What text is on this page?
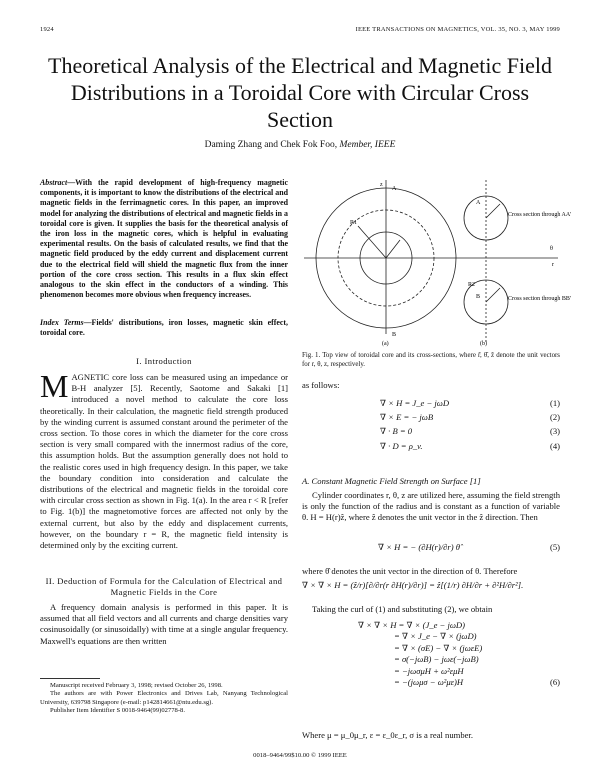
1924	IEEE TRANSACTIONS ON MAGNETICS, VOL. 35, NO. 3, MAY 1999
Theoretical Analysis of the Electrical and Magnetic Field Distributions in a Toroidal Core with Circular Cross Section
Daming Zhang and Chek Fok Foo, Member, IEEE
Abstract—With the rapid development of high-frequency magnetic components, it is important to know the distributions of the electrical and magnetic fields in the ferrimagnetic cores. In this paper, an improved model for analyzing the distributions of electrical and magnetic fields in a toroidal core is given. It supplies the basis for the theoretical analysis of the iron loss in the magnetic cores, which is helpful in evaluating experimental results. On the basis of calculated results, we find that the magnetic field produced by the eddy current and displacement current due to the electrical field will shield the magnetic flux from the inner portion of the core cross section. This results in a flux skin effect analogous to the skin effect in the conductors of a winding. This phenomenon becomes more obvious when frequency increases.
Index Terms—Fields' distributions, iron losses, magnetic skin effect, toroidal core.
I. Introduction
MAGNETIC core loss can be measured using an impedance or B-H analyzer [5]. Recently, Saotome and Sakaki [1] introduced a novel method to calculate the core loss theoretically. In their calculation, the magnetic field strength produced by the winding current is assumed constant around the perimeter of the cross section. To those cores in which the diameter for the core cross section is very small compared with the innermost radius of the core, this assumption holds. But the assumption generally does not hold to the realistic cores used in high frequency design. In this paper, we take the boundary condition into consideration and calculate the distributions of the electrical and magnetic fields in the toroidal core with circular cross section as shown in Fig. 1(a). In the area r < R [refer to Fig. 1(b)] the magnetomotive forces are affected not only by the external current, but also by the eddy and displacement currents, however, on the boundary r = R, the magnetic field intensity is determined only by the exciting current.
II. Deduction of Formula for the Calculation of Electrical and Magnetic Fields in the Core

A frequency domain analysis is performed in this paper. It is assumed that all field vectors and all currents and charge densities vary cosinusoidally (or sinusoidally) with time at a single angular frequency. Maxwell's equations are then written

Manuscript received February 3, 1998; revised October 26, 1998.
The authors are with Power Electronics and Drives Lab, Nanyang Technological University, 639798 Singapore (e-mail: p142814661@ntu.edu.sg).
Publisher Item Identifier S 0018-9464(99)02778-8.
A
B
R1
R2
A
B
Cross section through AA'
Cross section through BB'
θ
r
z
(a)	(b)
Fig. 1. Top view of toroidal core and its cross-sections, where r̂, θ̂, ẑ denote the unit vectors for r, θ, z, respectively.
as follows:
∇ × H = J_e − jωD	(1)
∇ × E = − jωB	(2)
∇ · B = 0	(3)
∇ · D = ρ_v.	(4)
A. Constant Magnetic Field Strength on Surface [1]

Cylinder coordinates r, θ, z are utilized here, assuming the field strength is only the function of the radius and is constant as a function of variable θ. H = H(r)ẑ, where ẑ denotes the unit vector in the ẑ direction. Then

∇ × H = − (∂H(r)/∂r) θ̂	(5)
where θ̂ denotes the unit vector in the direction of θ. Therefore
∇ × ∇ × H = (ẑ/r)[∂/∂r(r ∂H(r)/∂r)] = ẑ[(1/r) ∂H/∂r + ∂²H/∂r²].

Taking the curl of (1) and substituting (2), we obtain

∇ × ∇ × H = ∇ × (J_e − jωD)
= ∇ × J_e − ∇ × (jωD)
= ∇ × (σE) − ∇ × (jωεE)
= σ(−jωB) − jωε(−jωB)
= −jωσμH + ω²εμH
= −(jωμσ − ω²με)H	(6)
Where μ = μ_0μ_r, ε = ε_0ε_r, σ is a real number.
0018–9464/99$10.00 © 1999 IEEE
